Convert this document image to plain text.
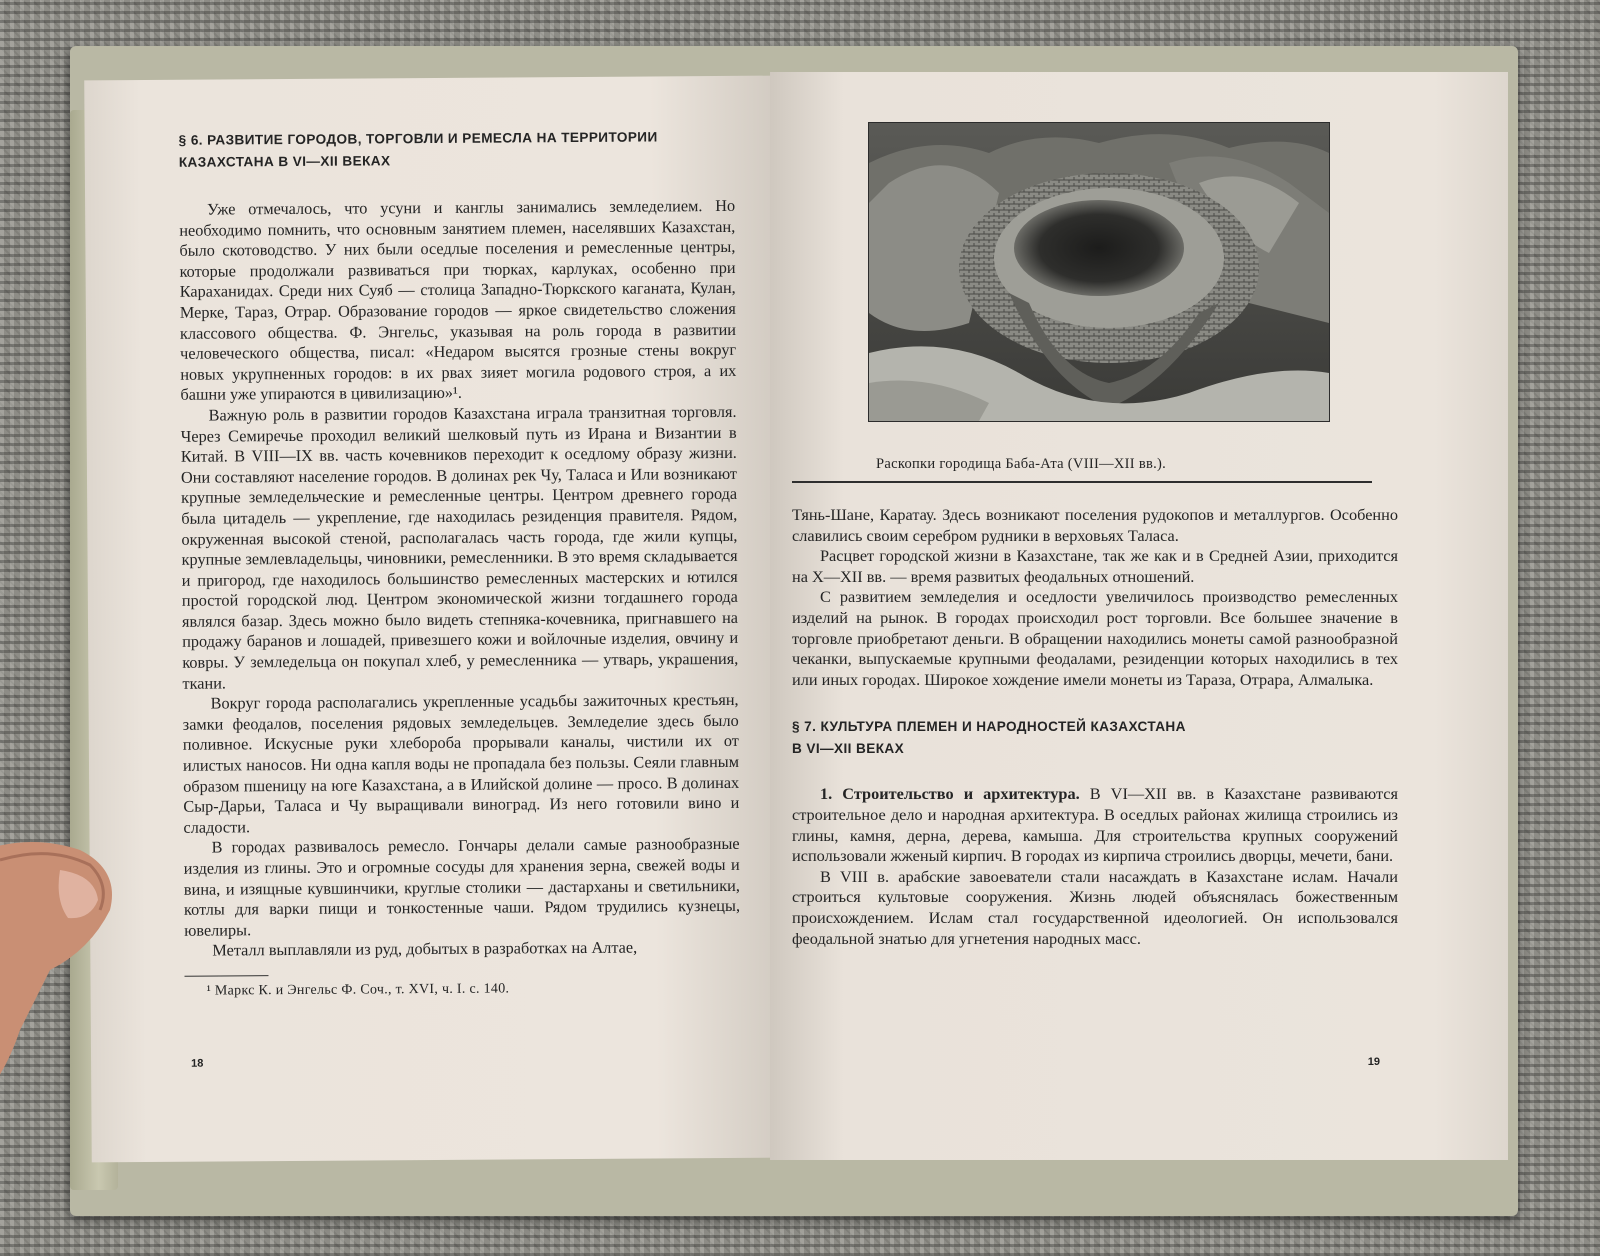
§ 6. РАЗВИТИЕ ГОРОДОВ, ТОРГОВЛИ И РЕМЕСЛА НА ТЕРРИТОРИИ
КАЗАХСТАНА В VI—XII ВЕКАХ

Уже отмечалось, что усуни и канглы занимались земледелием. Но необходимо помнить, что основным занятием племен, населявших Казахстан, было скотоводство. У них были оседлые поселения и ремесленные центры, которые продолжали развиваться при тюрках, карлуках, особенно при Караханидах. Среди них Суяб — столица Западно-Тюркского каганата, Кулан, Мерке, Тараз, Отрар. Образование городов — яркое свидетельство сложения классового общества. Ф. Энгельс, указывая на роль города в развитии человеческого общества, писал: «Недаром высятся грозные стены вокруг новых укрупненных городов: в их рвах зияет могила родового строя, а их башни уже упираются в цивилизацию»¹.

Важную роль в развитии городов Казахстана играла транзитная торговля. Через Семиречье проходил великий шелковый путь из Ирана и Византии в Китай. В VIII—IX вв. часть кочевников переходит к оседлому образу жизни. Они составляют население городов. В долинах рек Чу, Таласа и Или возникают крупные земледельческие и ремесленные центры. Центром древнего города была цитадель — укрепление, где находилась резиденция правителя. Рядом, окруженная высокой стеной, располагалась часть города, где жили купцы, крупные землевладельцы, чиновники, ремесленники. В это время складывается и пригород, где находилось большинство ремесленных мастерских и ютился простой городской люд. Центром экономической жизни тогдашнего города являлся базар. Здесь можно было видеть степняка-кочевника, пригнавшего на продажу баранов и лошадей, привезшего кожи и войлочные изделия, овчину и ковры. У земледельца он покупал хлеб, у ремесленника — утварь, украшения, ткани.

Вокруг города располагались укрепленные усадьбы зажиточных крестьян, замки феодалов, поселения рядовых земледельцев. Земледелие здесь было поливное. Искусные руки хлеборобa прорывали каналы, чистили их от илистых наносов. Ни одна капля воды не пропадала без пользы. Сеяли главным образом пшеницу на юге Казахстана, а в Илийской долине — просо. В долинах Сыр-Дарьи, Таласа и Чу выращивали виноград. Из него готовили вино и сладости.

В городах развивалось ремесло. Гончары делали самые разнообразные изделия из глины. Это и огромные сосуды для хранения зерна, свежей воды и вина, и изящные кувшинчики, круглые столики — дастарханы и светильники, котлы для варки пищи и тонкостенные чаши. Рядом трудились кузнецы, ювелиры.

Металл выплавляли из руд, добытых в разработках на Алтае,

¹ Маркс К. и Энгельс Ф. Соч., т. XVI, ч. I. с. 140.

18
Раскопки городища Баба-Ата (VIII—XII вв.).

Тянь-Шане, Каратау. Здесь возникают поселения рудокопов и металлургов. Особенно славились своим серебром рудники в верховьях Таласа.

Расцвет городской жизни в Казахстане, так же как и в Средней Азии, приходится на X—XII вв. — время развитых феодальных отношений.

С развитием земледелия и оседлости увеличилось производство ремесленных изделий на рынок. В городах происходил рост торговли. Все большее значение в торговле приобретают деньги. В обращении находились монеты самой разнообразной чеканки, выпускаемые крупными феодалами, резиденции которых находились в тех или иных городах. Широкое хождение имели монеты из Тараза, Отрара, Алмалыка.

§ 7. КУЛЬТУРА ПЛЕМЕН И НАРОДНОСТЕЙ КАЗАХСТАНА
В VI—XII ВЕКАХ

1. Строительство и архитектура. В VI—XII вв. в Казахстане развиваются строительное дело и народная архитектура. В оседлых районах жилища строились из глины, камня, дерна, дерева, камыша. Для строительства крупных сооружений использовали жженый кирпич. В городах из кирпича строились дворцы, мечети, бани.

В VIII в. арабские завоеватели стали насаждать в Казахстане ислам. Начали строиться культовые сооружения. Жизнь людей объяснялась божественным происхождением. Ислам стал государственной идеологией. Он использовался феодальной знатью для угнетения народных масс.

19
